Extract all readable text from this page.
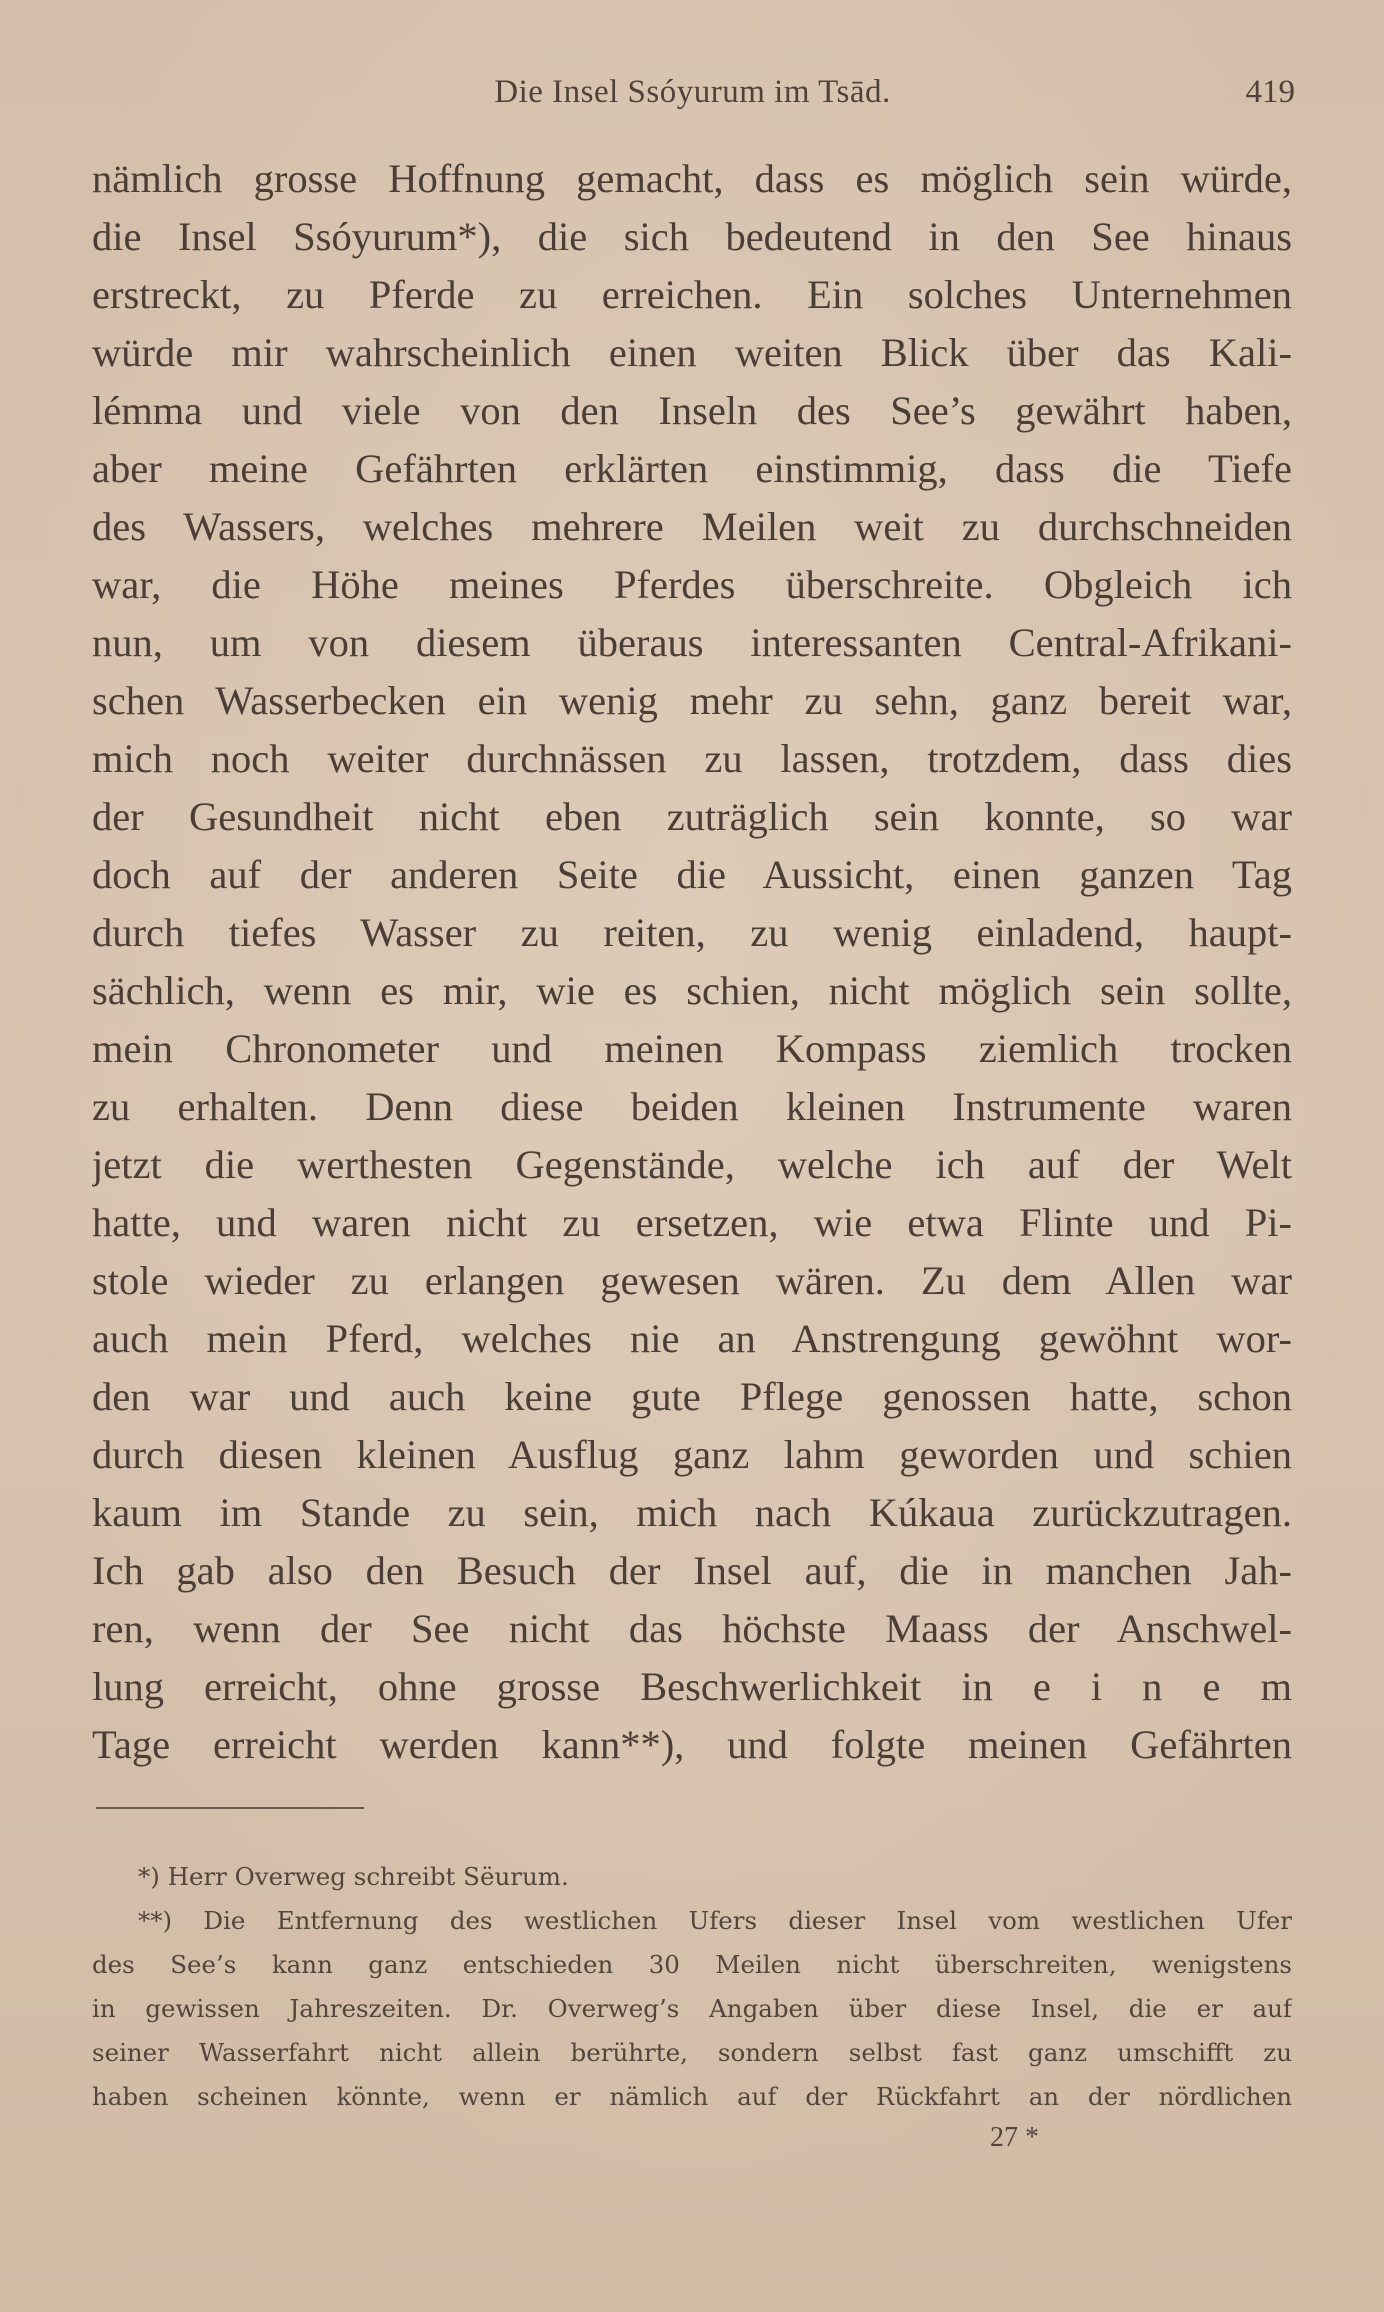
Die Insel Ssóyurum im Tsād.	419
nämlich grosse Hoffnung gemacht, dass es möglich sein würde,
die Insel Ssóyurum*), die sich bedeutend in den See hinaus
erstreckt, zu Pferde zu erreichen. Ein solches Unternehmen
würde mir wahrscheinlich einen weiten Blick über das Kali-
lémma und viele von den Inseln des See’s gewährt haben,
aber meine Gefährten erklärten einstimmig, dass die Tiefe
des Wassers, welches mehrere Meilen weit zu durchschneiden
war, die Höhe meines Pferdes überschreite. Obgleich ich
nun, um von diesem überaus interessanten Central-Afrikani-
schen Wasserbecken ein wenig mehr zu sehn, ganz bereit war,
mich noch weiter durchnässen zu lassen, trotzdem, dass dies
der Gesundheit nicht eben zuträglich sein konnte, so war
doch auf der anderen Seite die Aussicht, einen ganzen Tag
durch tiefes Wasser zu reiten, zu wenig einladend, haupt-
sächlich, wenn es mir, wie es schien, nicht möglich sein sollte,
mein Chronometer und meinen Kompass ziemlich trocken
zu erhalten. Denn diese beiden kleinen Instrumente waren
jetzt die werthesten Gegenstände, welche ich auf der Welt
hatte, und waren nicht zu ersetzen, wie etwa Flinte und Pi-
stole wieder zu erlangen gewesen wären. Zu dem Allen war
auch mein Pferd, welches nie an Anstrengung gewöhnt wor-
den war und auch keine gute Pflege genossen hatte, schon
durch diesen kleinen Ausflug ganz lahm geworden und schien
kaum im Stande zu sein, mich nach Kúkaua zurückzutragen.
Ich gab also den Besuch der Insel auf, die in manchen Jah-
ren, wenn der See nicht das höchste Maass der Anschwel-
lung erreicht, ohne grosse Beschwerlichkeit in e i n e m
Tage erreicht werden kann**), und folgte meinen Gefährten
*) Herr Overweg schreibt Sëurum.
**) Die Entfernung des westlichen Ufers dieser Insel vom westlichen Ufer
des See’s kann ganz entschieden 30 Meilen nicht überschreiten, wenigstens
in gewissen Jahreszeiten. Dr. Overweg’s Angaben über diese Insel, die er auf
seiner Wasserfahrt nicht allein berührte, sondern selbst fast ganz umschifft zu
haben scheinen könnte, wenn er nämlich auf der Rückfahrt an der nördlichen
27 *
